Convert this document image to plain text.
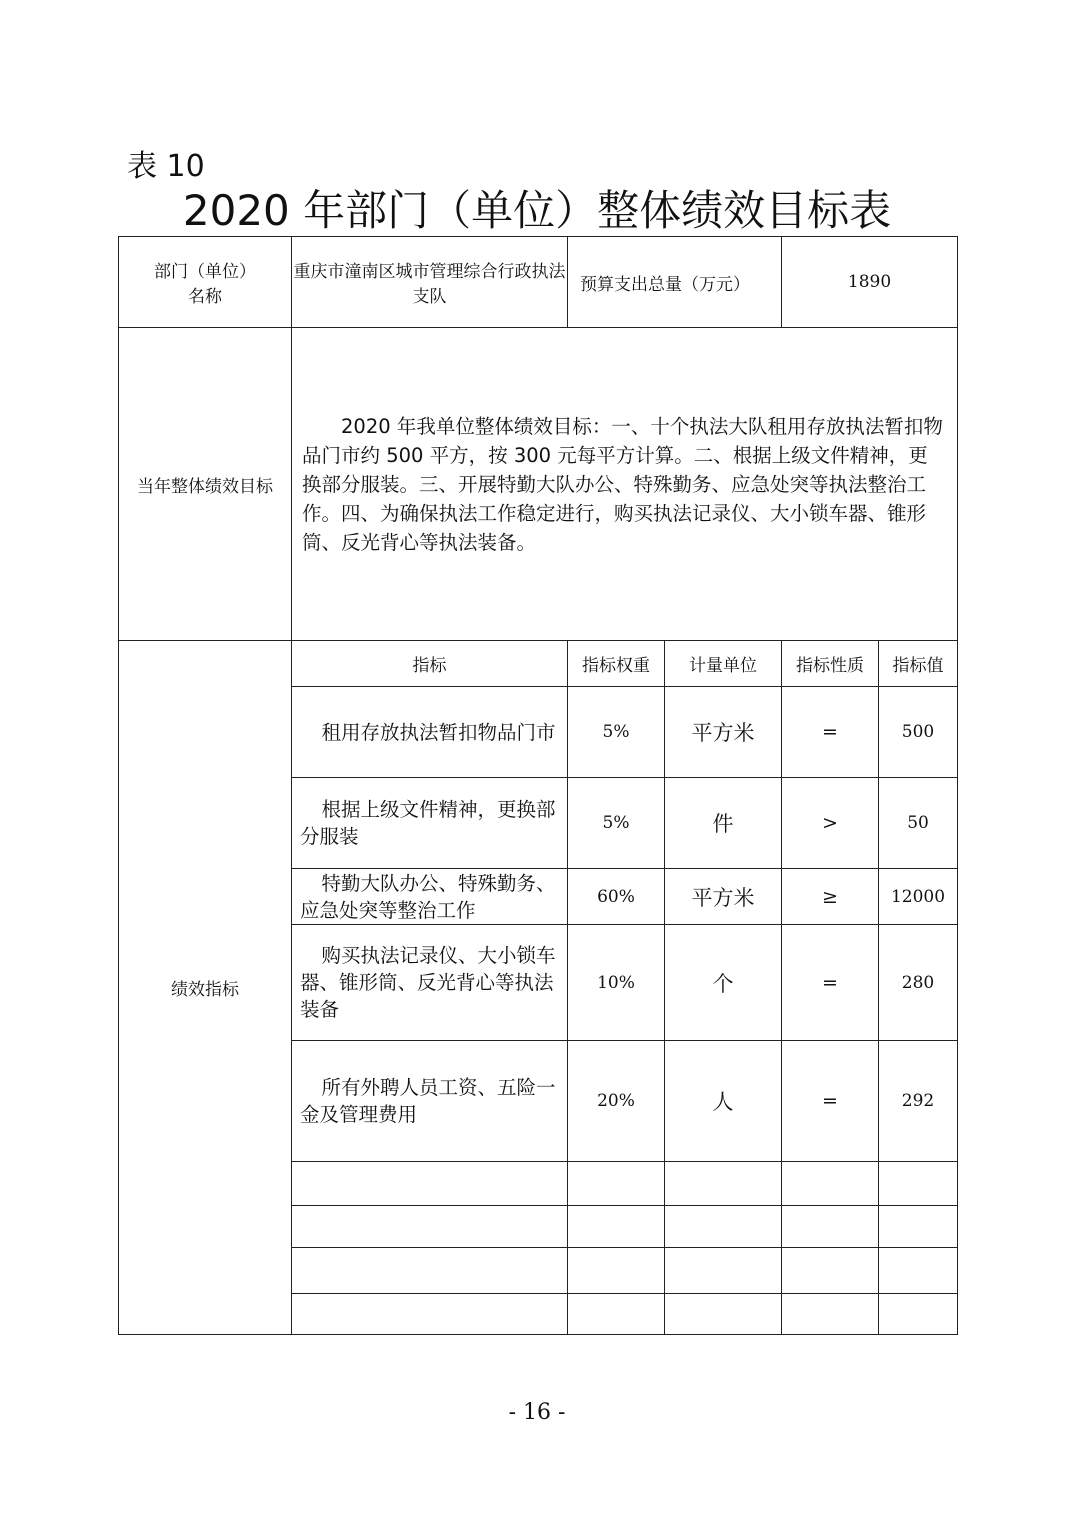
表 10
2020 年部门（单位）整体绩效目标表
部门（单位）名称	重庆市潼南区城市管理综合行政执法支队	预算支出总量（万元）		1890	
当年整体绩效目标	2020 年我单位整体绩效目标：一、十个执法大队租用存放执法暂扣物品门市约 500 平方，按 300 元每平方计算。二、根据上级文件精神，更换部分服装。三、开展特勤大队办公、特殊勤务、应急处突等执法整治工作。四、为确保执法工作稳定进行，购买执法记录仪、大小锁车器、锥形筒、反光背心等执法装备。				
绩效指标	指标	指标权重	计量单位	指标性质	指标值
	租用存放执法暂扣物品门市	5%	平方米	=	500
	根据上级文件精神，更换部分服装	5%	件	>	50
	特勤大队办公、特殊勤务、应急处突等整治工作	60%	平方米	≥	12000
	购买执法记录仪、大小锁车器、锥形筒、反光背心等执法装备	10%	个	=	280
	所有外聘人员工资、五险一金及管理费用	20%	人	=	292

- 16 -
